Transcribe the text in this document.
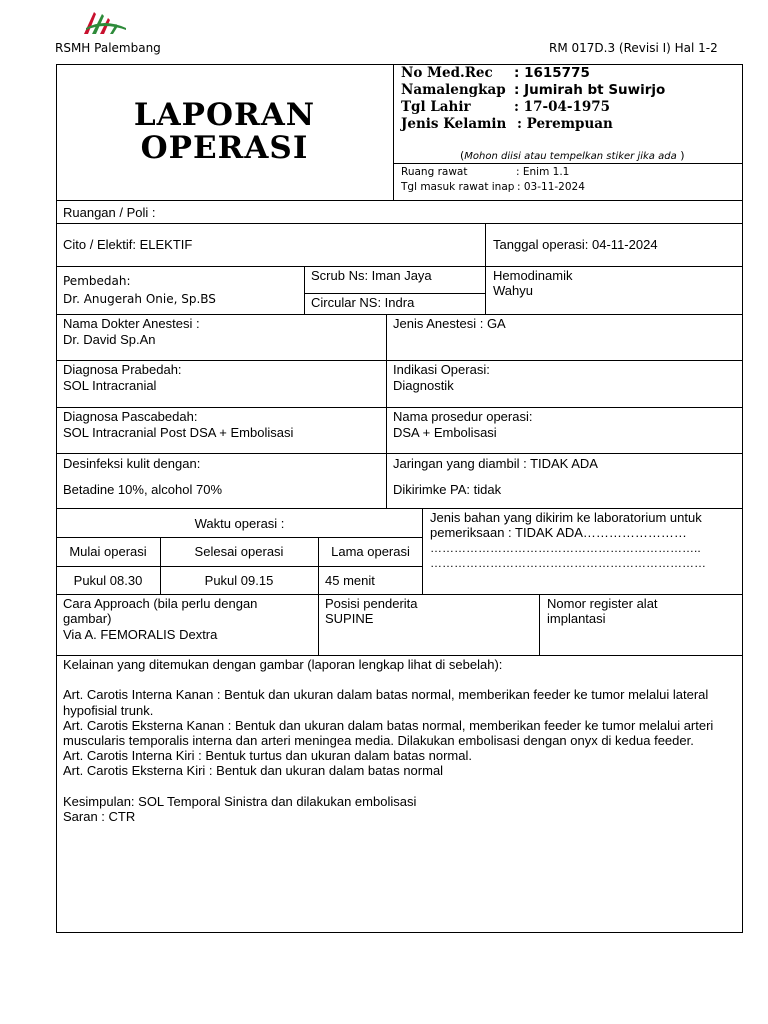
RSMH Palembang	RM 017D.3 (Revisi I) Hal 1-2
LAPORAN
OPERASI
No Med.Rec : 1615775
Namalengkap : Jumirah bt Suwirjo
Tgl Lahir	: 17-04-1975
Jenis Kelamin : Perempuan
(Mohon diisi atau tempelkan stiker jika ada )
Ruang rawat	: Enim 1.1
Tgl masuk rawat inap : 03-11-2024
Ruangan / Poli :
Cito / Elektif: ELEKTIF	Tanggal operasi: 04-11-2024
Pembedah:
Dr. Anugerah Onie, Sp.BS
Scrub Ns: Iman Jaya
Circular NS: Indra
Hemodinamik
Wahyu
Nama Dokter Anestesi :
Dr. David Sp.An
Jenis Anestesi : GA
Diagnosa Prabedah:
SOL Intracranial
Indikasi Operasi:
Diagnostik
Diagnosa Pascabedah:
SOL Intracranial Post DSA + Embolisasi
Nama prosedur operasi:
DSA + Embolisasi
Desinfeksi kulit dengan:
Betadine 10%, alcohol 70%
Jaringan yang diambil : TIDAK ADA
Dikirimke PA: tidak
Waktu operasi :
Mulai operasi	Selesai operasi	Lama operasi
Pukul 08.30	Pukul 09.15	45 menit
Jenis bahan yang dikirim ke laboratorium untuk
pemeriksaan : TIDAK ADA……………………
…………………………………………………………..
……………………………………………………………
Cara Approach (bila perlu dengan
gambar)
Via A. FEMORALIS Dextra
Posisi penderita
SUPINE
Nomor register alat
implantasi

Kelainan yang ditemukan dengan gambar (laporan lengkap lihat di sebelah):

Art. Carotis Interna Kanan : Bentuk dan ukuran dalam batas normal, memberikan feeder ke tumor melalui lateral hypofisial trunk.

Art. Carotis Eksterna Kanan : Bentuk dan ukuran dalam batas normal, memberikan feeder ke tumor melalui arteri muscularis temporalis interna dan arteri meningea media. Dilakukan embolisasi dengan onyx di kedua feeder.

Art. Carotis Interna Kiri : Bentuk turtus dan ukuran dalam batas normal.

Art. Carotis Eksterna Kiri : Bentuk dan ukuran dalam batas normal

Kesimpulan: SOL Temporal Sinistra dan dilakukan embolisasi

Saran : CTR
